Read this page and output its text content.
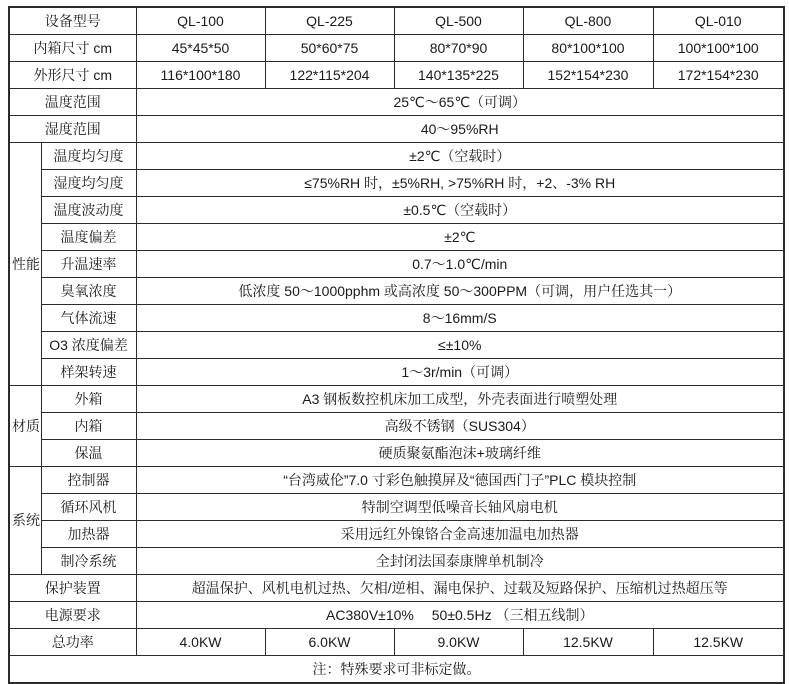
设备型号		QL-100	QL-225	QL-500	QL-800	QL-010
内箱尺寸 cm		45*45*50	50*60*75	80*70*90	80*100*100	100*100*100
外形尺寸 cm		116*100*180	122*115*204	140*135*225	152*154*230	172*154*230
温度范围		25℃～65℃（可调）				
湿度范围		40～95%RH				
性能	温度均匀度	±2℃（空载时）				
	湿度均匀度	≤75%RH 时，±5%RH, >75%RH 时，+2、-3% RH				
	温度波动度	±0.5℃（空载时）				
	温度偏差	±2℃				
	升温速率	0.7～1.0℃/min				
	臭氧浓度	低浓度 50～1000pphm 或高浓度 50～300PPM（可调，用户任选其一）				
	气体流速	8～16mm/S				
	O3 浓度偏差	≤±10%				
	样架转速	1～3r/min（可调）				
材质	外箱	A3 钢板数控机床加工成型，外壳表面进行喷塑处理				
	内箱	高级不锈钢（SUS304）				
	保温	硬质聚氨酯泡沫+玻璃纤维				
系统	控制器	“台湾威伦”7.0 寸彩色触摸屏及“德国西门子”PLC 模块控制				
	循环风机	特制空调型低噪音长轴风扇电机				
	加热器	采用远红外镍铬合金高速加温电加热器				
	制冷系统	全封闭法国泰康牌单机制冷				
保护装置		超温保护、风机电机过热、欠相/逆相、漏电保护、过载及短路保护、压缩机过热超压等				
电源要求		AC380V±10%　 50±0.5Hz （三相五线制）				
总功率		4.0KW	6.0KW	9.0KW	12.5KW	12.5KW
注：特殊要求可非标定做。						
